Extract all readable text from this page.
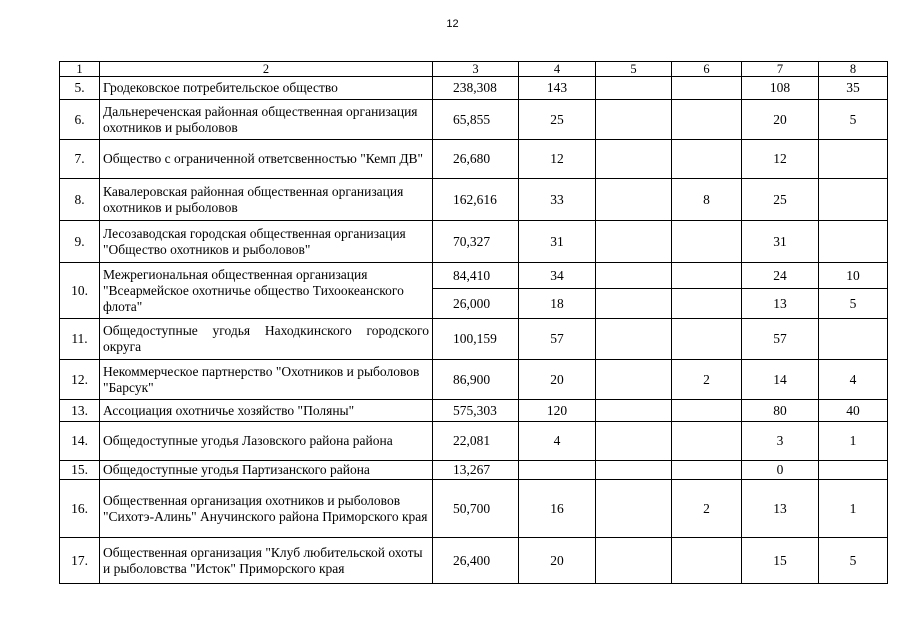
12
1	2	3	4	5	6	7	8
5.	Гродековское потребительское общество	238,308	143			108	35
6.	Дальнереченская районная общественная организация охотников и рыболовов	65,855	25			20	5
7.	Общество с ограниченной ответсвенностью "Кемп ДВ"	26,680	12			12	
8.	Кавалеровская районная общественная организация охотников и рыболовов	162,616	33		8	25	
9.	Лесозаводская городская общественная организация "Общество охотников и рыболовов"	70,327	31			31	
10.	Межрегиональная общественная организация "Всеармейское охотничье общество Тихоокеанского флота"	84,410	34			24	10
		26,000	18			13	5
11.	Общедоступные угодья Находкинского городского округа	100,159	57			57	
12.	Некоммерческое партнерство "Охотников и рыболовов "Барсук"	86,900	20		2	14	4
13.	Ассоциация охотничье хозяйство "Поляны"	575,303	120			80	40
14.	Общедоступные угодья Лазовского района района	22,081	4			3	1
15.	Общедоступные угодья Партизанского района	13,267				0	
16.	Общественная организация охотников и рыболовов "Сихотэ-Алинь" Анучинского района Приморского края	50,700	16		2	13	1
17.	Общественная организация "Клуб любительской охоты и рыболовства "Исток" Приморского края	26,400	20			15	5
